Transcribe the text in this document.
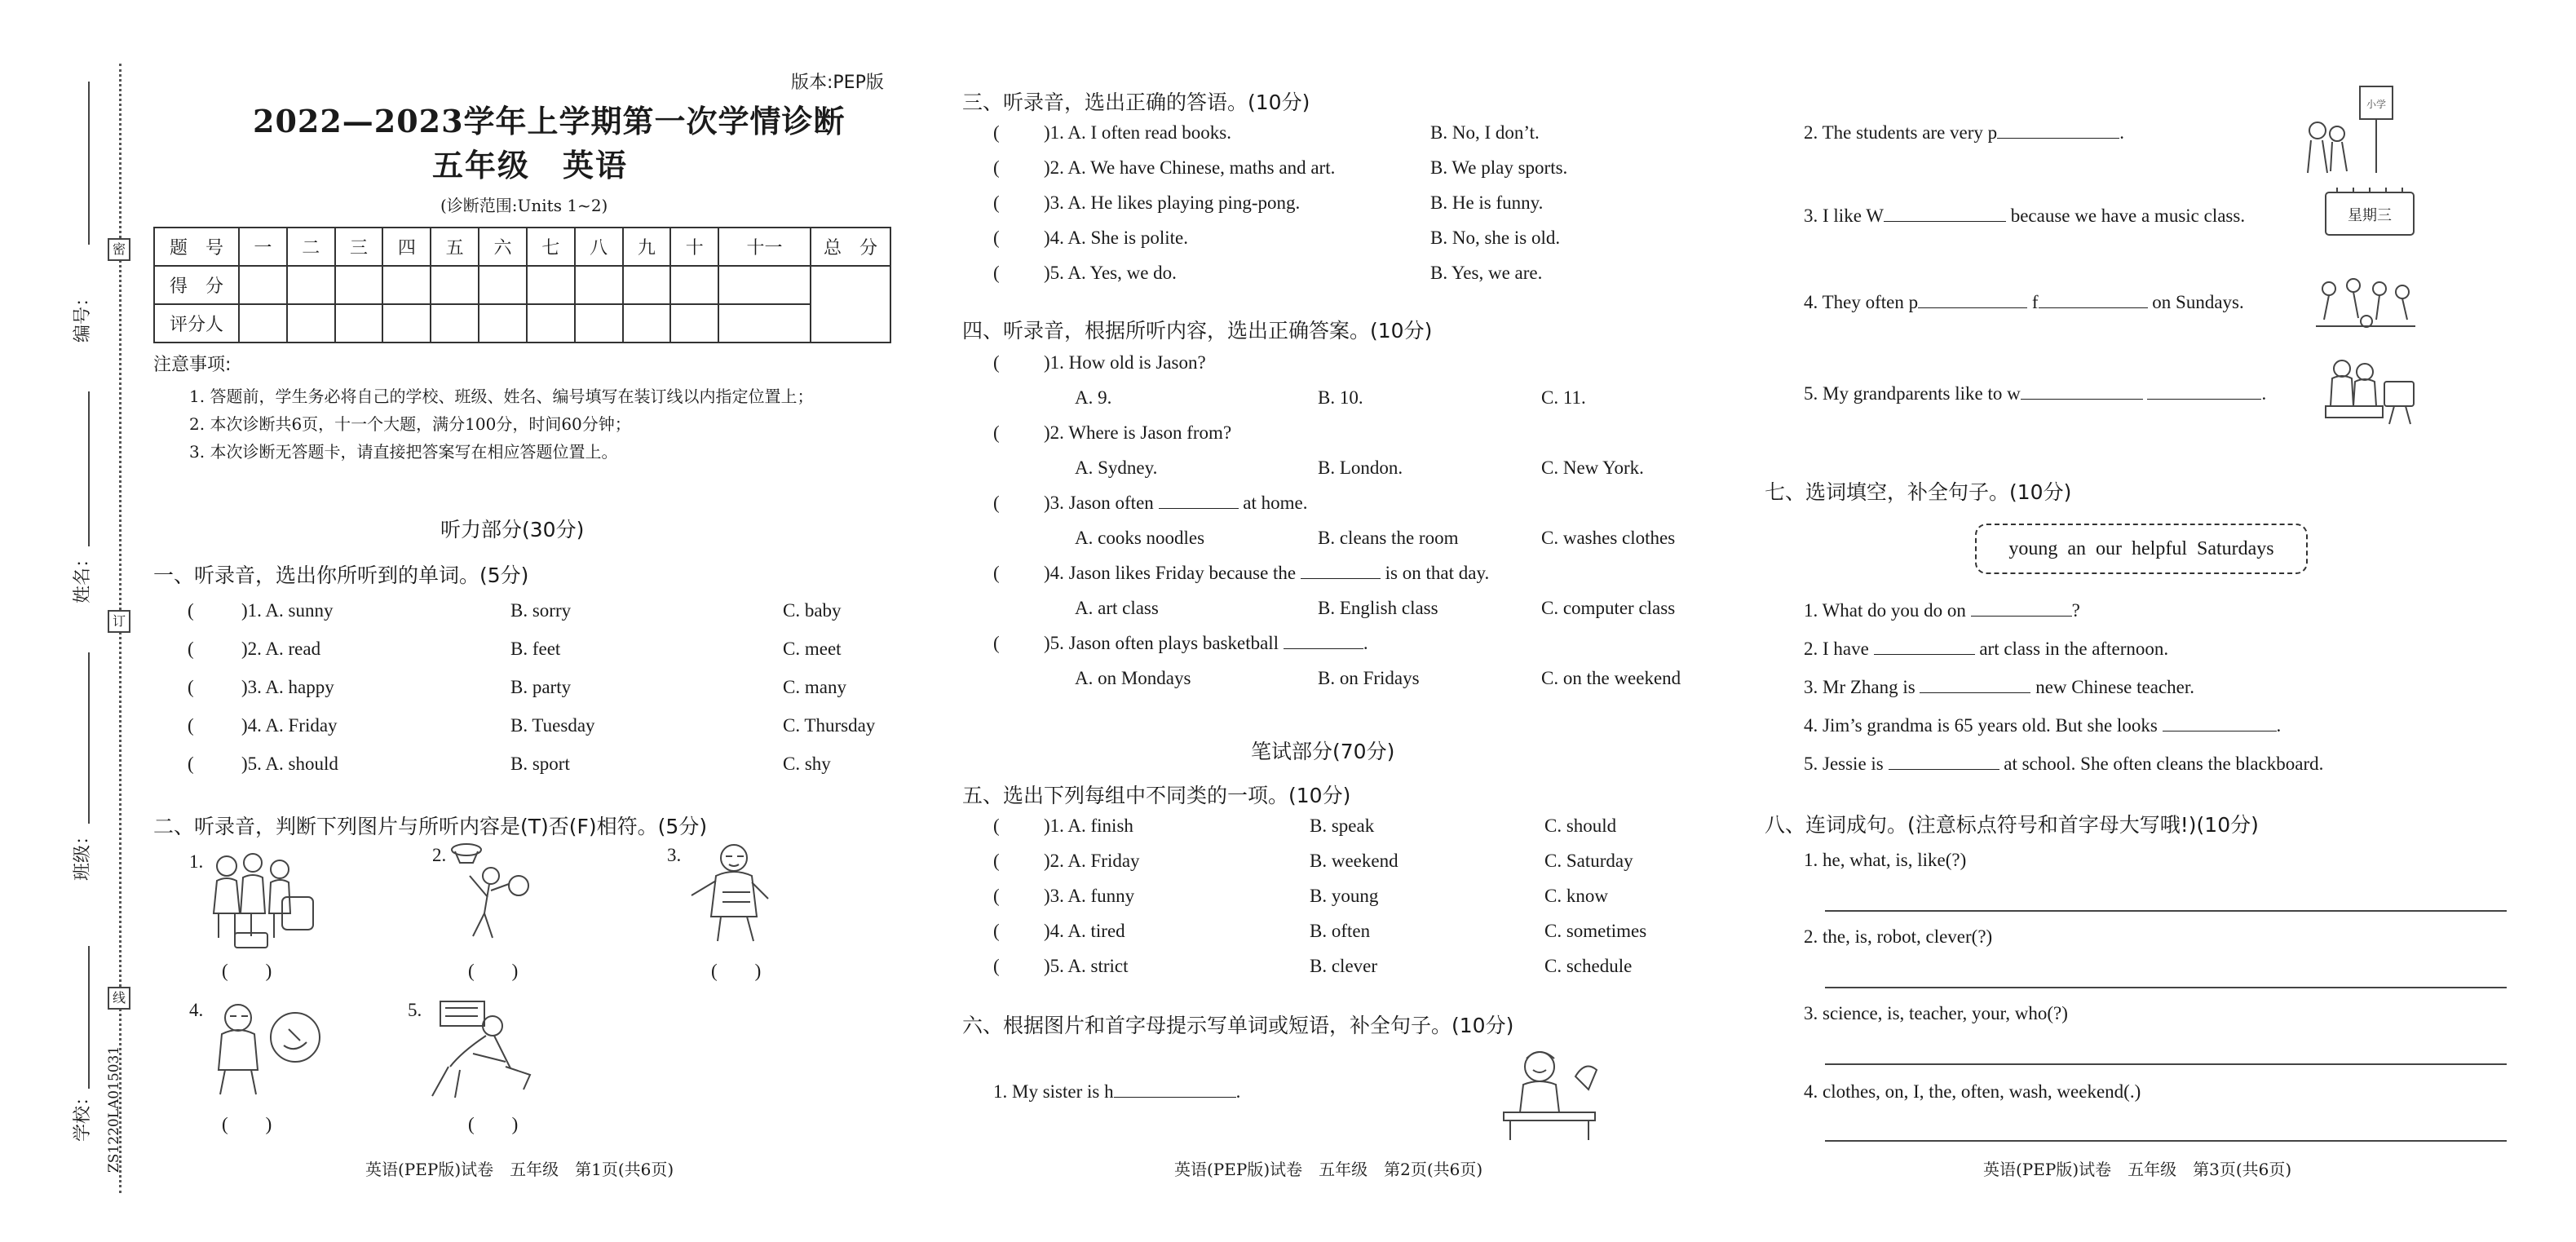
编号：
姓名：
班级：
学校：
密
订
线
ZS1220LA015031
版本:PEP版
2022—2023学年上学期第一次学情诊断
五年级　英语
(诊断范围:Units 1~2)
题　号	一	二	三	四	五	六	七	八	九	十	十一	总　分
得　分												
评分人												
注意事项:
1. 答题前，学生务必将自己的学校、班级、姓名、编号填写在装订线以内指定位置上；
2. 本次诊断共6页，十一个大题，满分100分，时间60分钟；
3. 本次诊断无答题卡，请直接把答案写在相应答题位置上。
听力部分(30分)
一、听录音，选出你所听到的单词。(5分)
(	)1. A. sunny	B. sorry	C. baby
(	)2. A. read	B. feet	C. meet
(	)3. A. happy	B. party	C. many
(	)4. A. Friday	B. Tuesday	C. Thursday
(	)5. A. should	B. sport	C. shy
二、听录音，判断下列图片与所听内容是(T)否(F)相符。(5分)
1.
(　　)
2.
(　　)
3.
(　　)
4.
(　　)
5.
(　　)
英语(PEP版)试卷　五年级　第1页(共6页)
三、听录音，选出正确的答语。(10分)
( )1. A. I often read books.	B. No, I don’t.
( )2. A. We have Chinese, maths and art.	B. We play sports.
( )3. A. He likes playing ping-pong.	B. He is funny.
( )4. A. She is polite.	B. No, she is old.
( )5. A. Yes, we do.	B. Yes, we are.
四、听录音，根据所听内容，选出正确答案。(10分)
( )1. How old is Jason?
A. 9.	B. 10.	C. 11.
( )2. Where is Jason from?
A. Sydney.	B. London.	C. New York.
( )3. Jason often	at home.
A. cooks noodles	B. cleans the room	C. washes clothes
( )4. Jason likes Friday because the	is on that day.
A. art class	B. English class	C. computer class
( )5. Jason often plays basketball	.
A. on Mondays	B. on Fridays	C. on the weekend
笔试部分(70分)
五、选出下列每组中不同类的一项。(10分)
( )1. A. finish	B. speak	C. should
( )2. A. Friday	B. weekend	C. Saturday
( )3. A. funny	B. young	C. know
( )4. A. tired	B. often	C. sometimes
( )5. A. strict	B. clever	C. schedule
六、根据图片和首字母提示写单词或短语，补全句子。(10分)
1. My sister is h	.
英语(PEP版)试卷　五年级　第2页(共6页)
2. The students are very p	.
小学
3. I like W	because we have a music class.	星期三
4. They often p	f	on Sundays.
5. My grandparents like to w	.
七、选词填空，补全句子。(10分)
young an our helpful Saturdays
1. What do you do on	?
2. I have	art class in the afternoon.
3. Mr Zhang is	new Chinese teacher.
4. Jim’s grandma is 65 years old. But she looks	.
5. Jessie is	at school. She often cleans the blackboard.
八、连词成句。(注意标点符号和首字母大写哦!)(10分)
1. he, what, is, like(?)
2. the, is, robot, clever(?)
3. science, is, teacher, your, who(?)
4. clothes, on, I, the, often, wash, weekend(.)
英语(PEP版)试卷　五年级　第3页(共6页)
